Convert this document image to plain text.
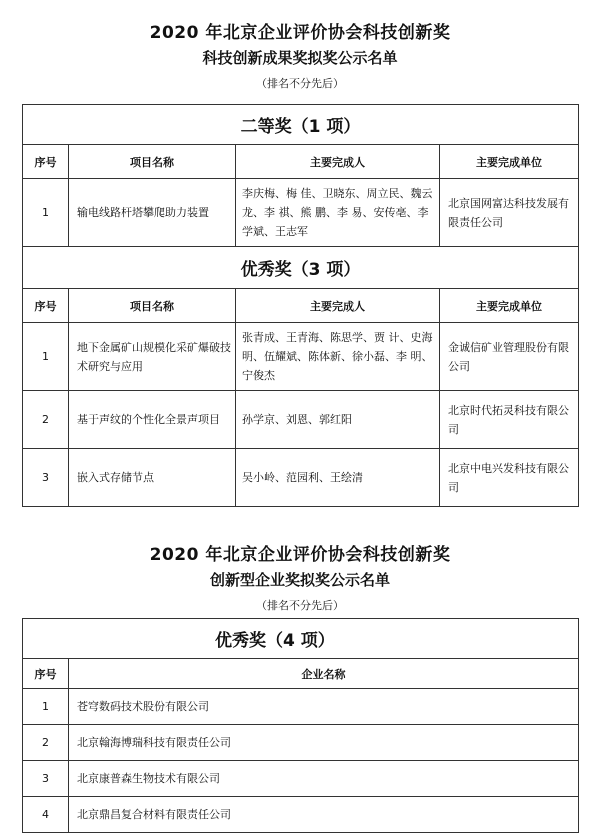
2020 年北京企业评价协会科技创新奖
科技创新成果奖拟奖公示名单
（排名不分先后）
二等奖（1 项）			
序号	项目名称	主要完成人	主要完成单位
1	输电线路杆塔攀爬助力装置	李庆梅、梅 佳、卫晓东、周立民、魏云龙、李 祺、熊 鹏、李 易、安传亳、李学斌、王志军	北京国网富达科技发展有限责任公司
优秀奖（3 项）			
序号	项目名称	主要完成人	主要完成单位
1	地下金属矿山规模化采矿爆破技术研究与应用	张青成、王青海、陈思学、贾 计、史海明、伍耀斌、陈体新、徐小磊、李 明、宁俊杰	金诚信矿业管理股份有限公司
2	基于声纹的个性化全景声项目	孙学京、刘恩、郭红阳	北京时代拓灵科技有限公司
3	嵌入式存储节点	吴小岭、范园利、王绘清	北京中电兴发科技有限公司
2020 年北京企业评价协会科技创新奖
创新型企业奖拟奖公示名单
（排名不分先后）
优秀奖（4 项）	
序号	企业名称
1	苍穹数码技术股份有限公司
2	北京翰海博瑞科技有限责任公司
3	北京康普森生物技术有限公司
4	北京鼎昌复合材料有限责任公司
